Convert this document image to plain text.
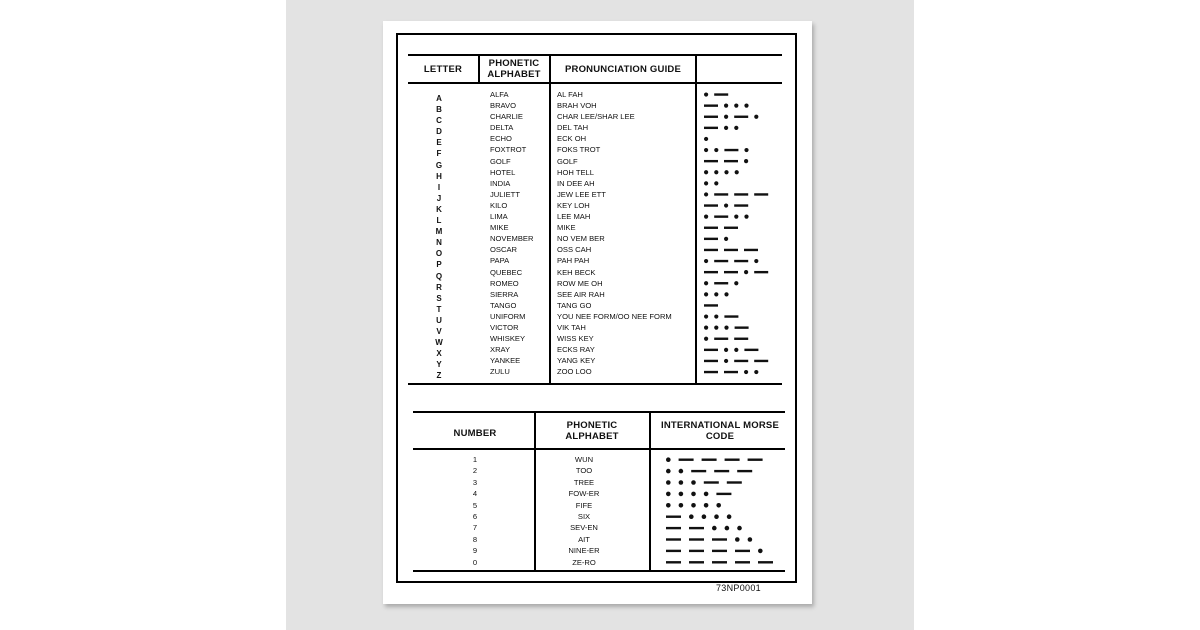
LETTER
PHONETIC ALPHABET	PRONUNCIATION GUIDE
A
B
C
D
E
F
G
H
I
J
K
L
M
N
O
P
Q
R
S
T
U
V
W
X
Y
Z
ALFA
BRAVO
CHARLIE
DELTA
ECHO
FOXTROT
GOLF
HOTEL
INDIA
JULIETT
KILO
LIMA
MIKE
NOVEMBER
OSCAR
PAPA
QUEBEC
ROMEO
SIERRA
TANGO
UNIFORM
VICTOR
WHISKEY
XRAY
YANKEE
ZULU
AL FAH
BRAH VOH
CHAR LEE/SHAR LEE
DEL TAH
ECK OH
FOKS TROT
GOLF
HOH TELL
IN DEE AH
JEW LEE ETT
KEY LOH
LEE MAH
MIKE
NO VEM BER
OSS CAH
PAH PAH
KEH BECK
ROW ME OH
SEE AIR RAH
TANG GO
YOU NEE FORM/OO NEE FORM
VIK TAH
WISS KEY
ECKS RAY
YANG KEY
ZOO LOO
NUMBER
PHONETIC ALPHABET
INTERNATIONAL MORSE CODE
1
2
3
4
5
6
7
8
9
0
WUN
TOO
TREE
FOW-ER
FIFE
SIX
SEV-EN
AIT
NINE-ER
ZE-RO
73NP0001
